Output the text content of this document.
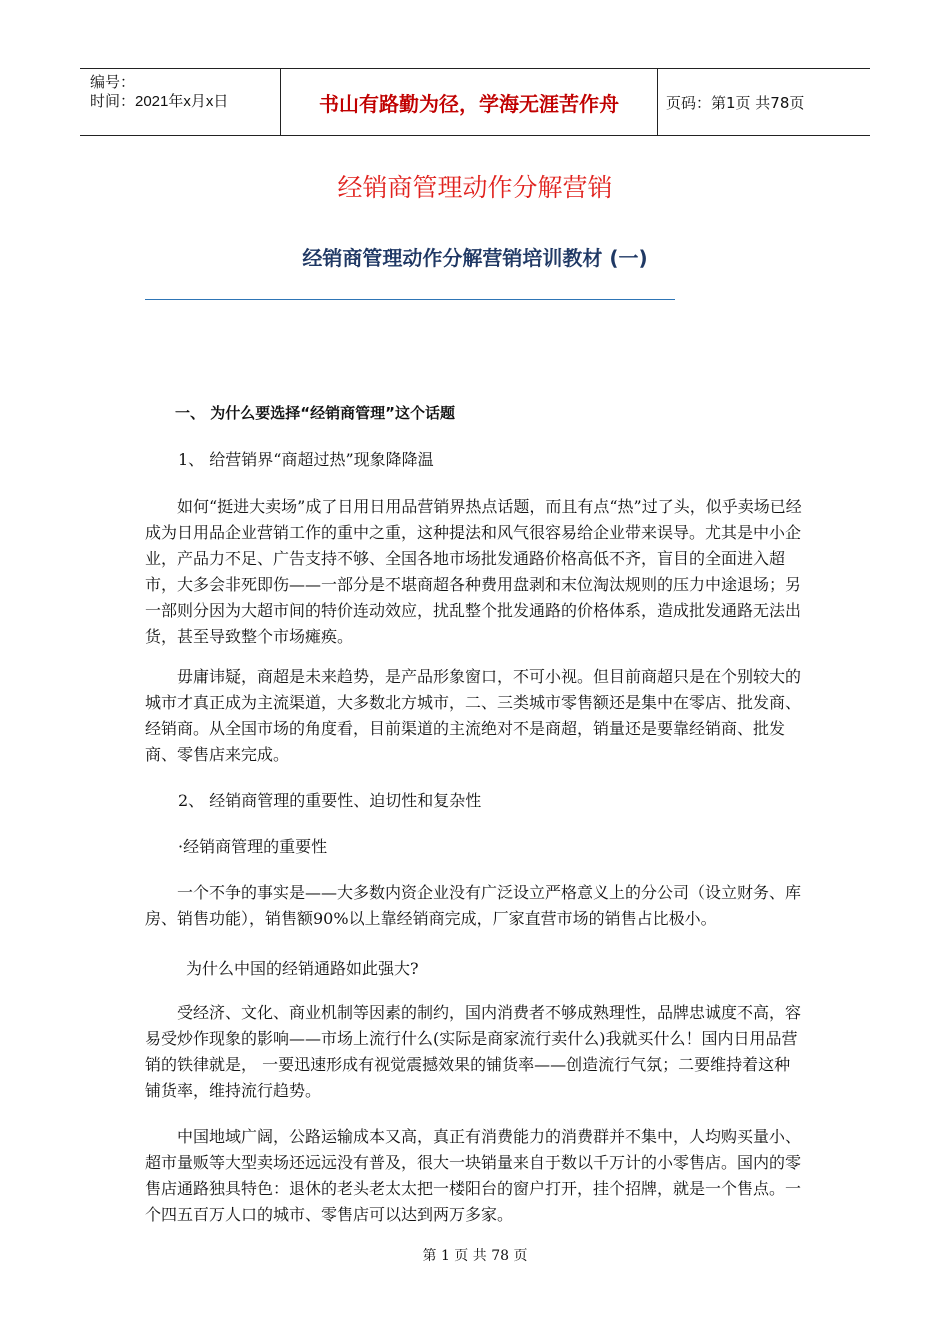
编号：
时间：2021年x月x日	书山有路勤为径，学海无涯苦作舟	页码：第1页 共78页
经销商管理动作分解营销
经销商管理动作分解营销培训教材 (一)
一、 为什么要选择“经销商管理”这个话题
1、 给营销界“商超过热”现象降降温

如何“挺进大卖场”成了日用日用品营销界热点话题，而且有点“热”过了头，似乎卖场已经成为日用品企业营销工作的重中之重，这种提法和风气很容易给企业带来误导。尤其是中小企业，产品力不足、广告支持不够、全国各地市场批发通路价格高低不齐，盲目的全面进入超市，大多会非死即伤——一部分是不堪商超各种费用盘剥和末位淘汰规则的压力中途退场；另一部则分因为大超市间的特价连动效应，扰乱整个批发通路的价格体系，造成批发通路无法出货，甚至导致整个市场瘫痪。

毋庸讳疑，商超是未来趋势，是产品形象窗口，不可小视。但目前商超只是在个别较大的城市才真正成为主流渠道，大多数北方城市，二、三类城市零售额还是集中在零店、批发商、经销商。从全国市场的角度看，目前渠道的主流绝对不是商超，销量还是要靠经销商、批发商、零售店来完成。

2、 经销商管理的重要性、迫切性和复杂性
·经销商管理的重要性

一个不争的事实是——大多数内资企业没有广泛设立严格意义上的分公司（设立财务、库房、销售功能），销售额90%以上靠经销商完成，厂家直营市场的销售占比极小。

为什么中国的经销通路如此强大?

受经济、文化、商业机制等因素的制约，国内消费者不够成熟理性，品牌忠诚度不高，容易受炒作现象的影响——市场上流行什么(实际是商家流行卖什么)我就买什么！国内日用品营销的铁律就是， 一要迅速形成有视觉震撼效果的铺货率——创造流行气氛；二要维持着这种铺货率，维持流行趋势。

中国地域广阔，公路运输成本又高，真正有消费能力的消费群并不集中，人均购买量小、超市量贩等大型卖场还远远没有普及，很大一块销量来自于数以千万计的小零售店。国内的零售店通路独具特色：退休的老头老太太把一楼阳台的窗户打开，挂个招牌，就是一个售点。一个四五百万人口的城市、零售店可以达到两万多家。

第 1 页 共 78 页
